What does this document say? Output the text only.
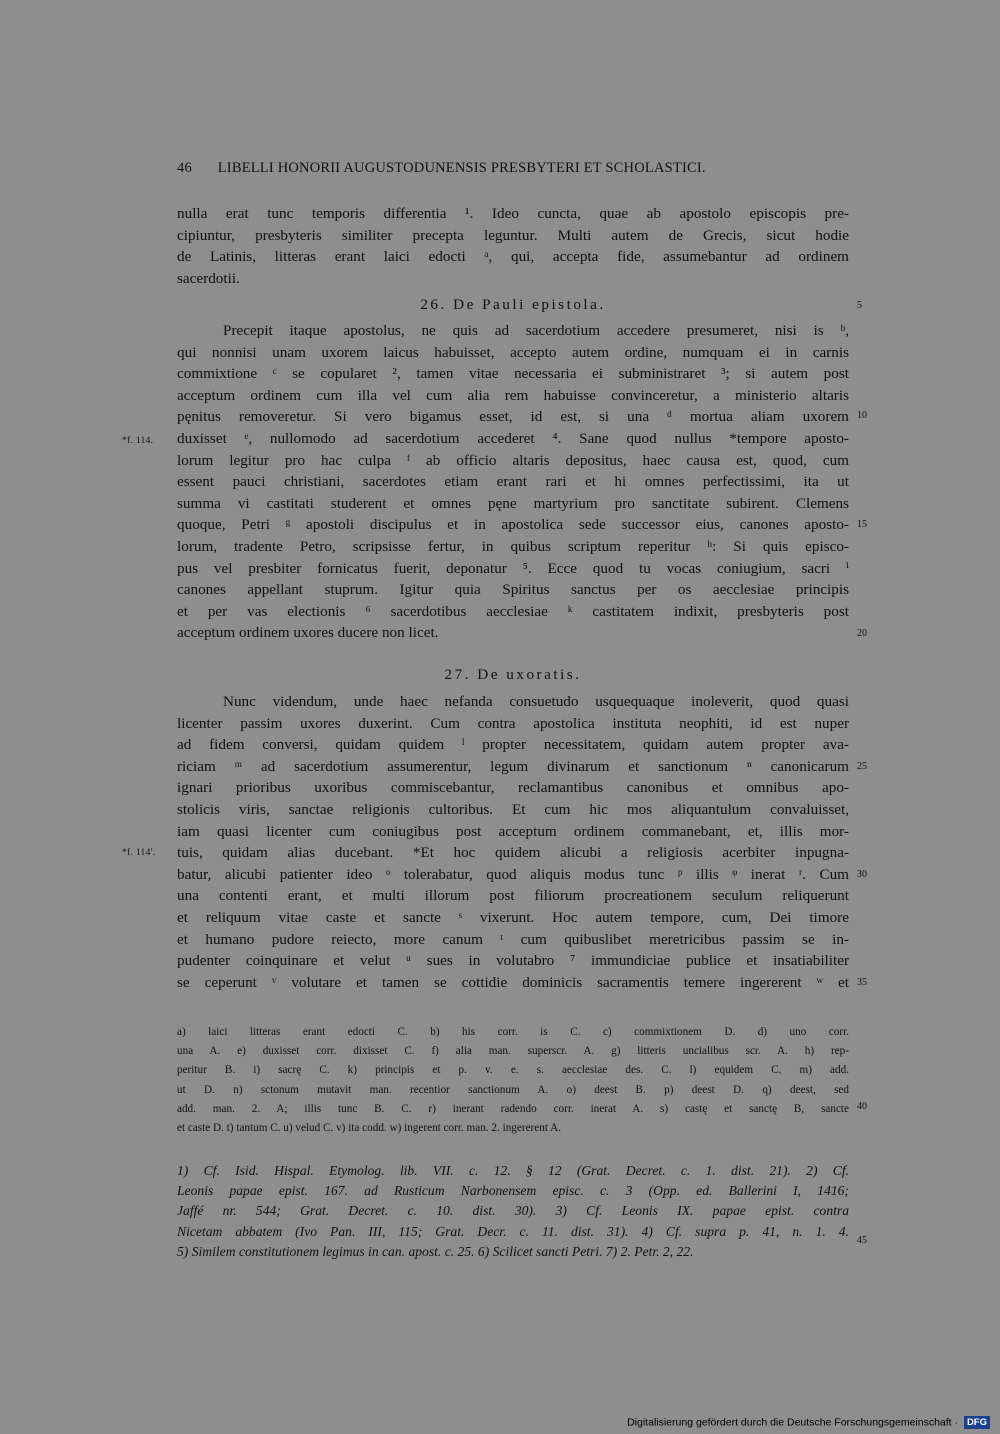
46 LIBELLI HONORII AUGUSTODUNENSIS PRESBYTERI ET SCHOLASTICI.
nulla erat tunc temporis differentia ¹. Ideo cuncta, quae ab apostolo episcopis pre-
cipiuntur, presbyteris similiter precepta leguntur. Multi autem de Grecis, sicut hodie
de Latinis, litteras erant laici edocti ᵃ, qui, accepta fide, assumebantur ad ordinem
sacerdotii.
26. De Pauli epistola.
Precepit itaque apostolus, ne quis ad sacerdotium accedere presumeret, nisi is ᵇ,
qui nonnisi unam uxorem laicus habuisset, accepto autem ordine, numquam ei in carnis
commixtione ᶜ se copularet ², tamen vitae necessaria ei subministraret ³; si autem post
acceptum ordinem cum illa vel cum alia rem habuisse convinceretur, a ministerio altaris
pęnitus removeretur. Si vero bigamus esset, id est, si una ᵈ mortua aliam uxorem
duxisset ᵉ, nullomodo ad sacerdotium accederet ⁴. Sane quod nullus *tempore aposto-
lorum legitur pro hac culpa ᶠ ab officio altaris depositus, haec causa est, quod, cum
essent pauci christiani, sacerdotes etiam erant rari et hi omnes perfectissimi, ita ut
summa vi castitati studerent et omnes pęne martyrium pro sanctitate subirent. Clemens
quoque, Petri ᵍ apostoli discipulus et in apostolica sede successor eius, canones aposto-
lorum, tradente Petro, scripsisse fertur, in quibus scriptum reperitur ʰ: Si quis episco-
pus vel presbiter fornicatus fuerit, deponatur ⁵. Ecce quod tu vocas coniugium, sacri ⁱ
canones appellant stuprum. Igitur quia Spiritus sanctus per os aecclesiae principis
et per vas electionis ⁶ sacerdotibus aecclesiae ᵏ castitatem indixit, presbyteris post
acceptum ordinem uxores ducere non licet.
27. De uxoratis.
Nunc videndum, unde haec nefanda consuetudo usquequaque inoleverit, quod quasi
licenter passim uxores duxerint. Cum contra apostolica instituta neophiti, id est nuper
ad fidem conversi, quidam quidem ˡ propter necessitatem, quidam autem propter ava-
riciam ᵐ ad sacerdotium assumerentur, legum divinarum et sanctionum ⁿ canonicarum
ignari prioribus uxoribus commiscebantur, reclamantibus canonibus et omnibus apo-
stolicis viris, sanctae religionis cultoribus. Et cum hic mos aliquantulum convaluisset,
iam quasi licenter cum coniugibus post acceptum ordinem commanebant, et, illis mor-
tuis, quidam alias ducebant. *Et hoc quidem alicubi a religiosis acerbiter inpugna-
batur, alicubi patienter ideo ᵒ tolerabatur, quod aliquis modus tunc ᵖ illis ᵠ inerat ʳ. Cum
una contenti erant, et multi illorum post filiorum procreationem seculum reliquerunt
et reliquum vitae caste et sancte ˢ vixerunt. Hoc autem tempore, cum, Dei timore
et humano pudore reiecto, more canum ᵗ cum quibuslibet meretricibus passim se in-
pudenter coinquinare et velut ᵘ sues in volutabro ⁷ immundiciae publice et insatiabiliter
se ceperunt ᵛ volutare et tamen se cottidie dominicis sacramentis temere ingererent ʷ et
5
10
15
20
25
30
35
40
45
*f. 114.
*f. 114'.
a) laici litteras erant edocti C. b) his corr. is C. c) commixtionem D. d) uno corr.
una A. e) duxisset corr. dixisset C. f) alia man. superscr. A. g) litteris uncialibus scr. A. h) rep-
peritur B. i) sacrę C. k) principis et p. v. e. s. aecclesiae des. C. l) equidem C. m) add.
ut D. n) sctonum mutavit man. recentior sanctionum A. o) deest B. p) deest D. q) deest, sed
add. man. 2. A; illis tunc B. C. r) inerant radendo corr. inerat A. s) castę et sanctę B, sancte
et caste D. t) tantum C. u) velud C. v) ita codd. w) ingerent corr. man. 2. ingererent A.
1) Cf. Isid. Hispal. Etymolog. lib. VII. c. 12. § 12 (Grat. Decret. c. 1. dist. 21). 2) Cf.
Leonis papae epist. 167. ad Rusticum Narbonensem episc. c. 3 (Opp. ed. Ballerini I, 1416;
Jaffé nr. 544; Grat. Decret. c. 10. dist. 30). 3) Cf. Leonis IX. papae epist. contra
Nicetam abbatem (Ivo Pan. III, 115; Grat. Decr. c. 11. dist. 31). 4) Cf. supra p. 41, n. 1. 4.
5) Similem constitutionem legimus in can. apost. c. 25. 6) Scilicet sancti Petri. 7) 2. Petr. 2, 22.
Digitalisierung gefördert durch die Deutsche Forschungsgemeinschaft · DFG
